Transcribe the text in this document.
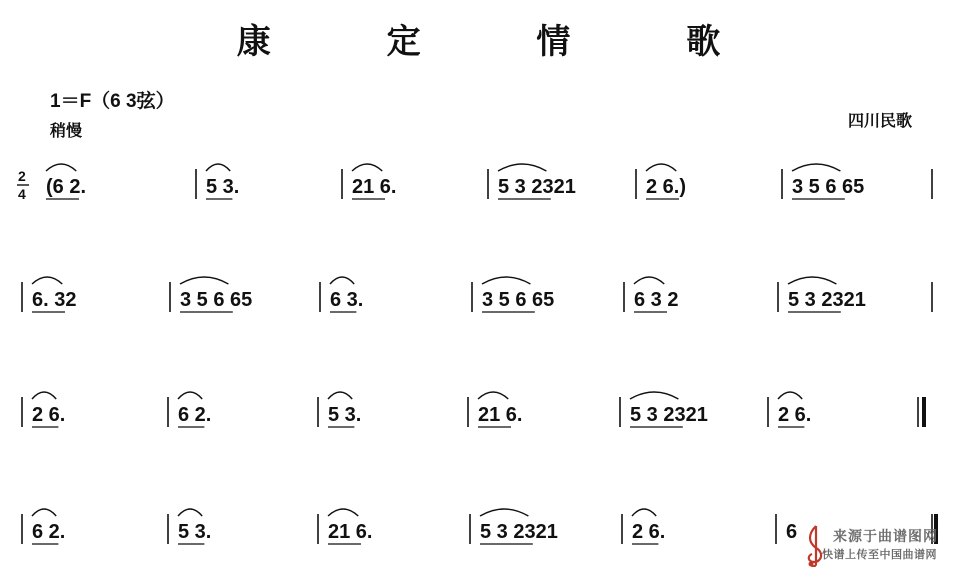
康 定 情 歌
1＝F（6 3弦）
稍慢
四川民歌
2
4 (6 2.	5 3.	21 6.	5 3 2321	2 6.)	3 5 6 65
6. 32	3 5 6 65	6 3.	3 5 6 65	6 3 2	5 3 2321
2 6.	6 2.	5 3.	21 6.	5 3 2321	2 6.
6 2.	5 3.	21 6.	5 3 2321	2 6.	6	来源于曲谱图网
快谱上传至中国曲谱网
